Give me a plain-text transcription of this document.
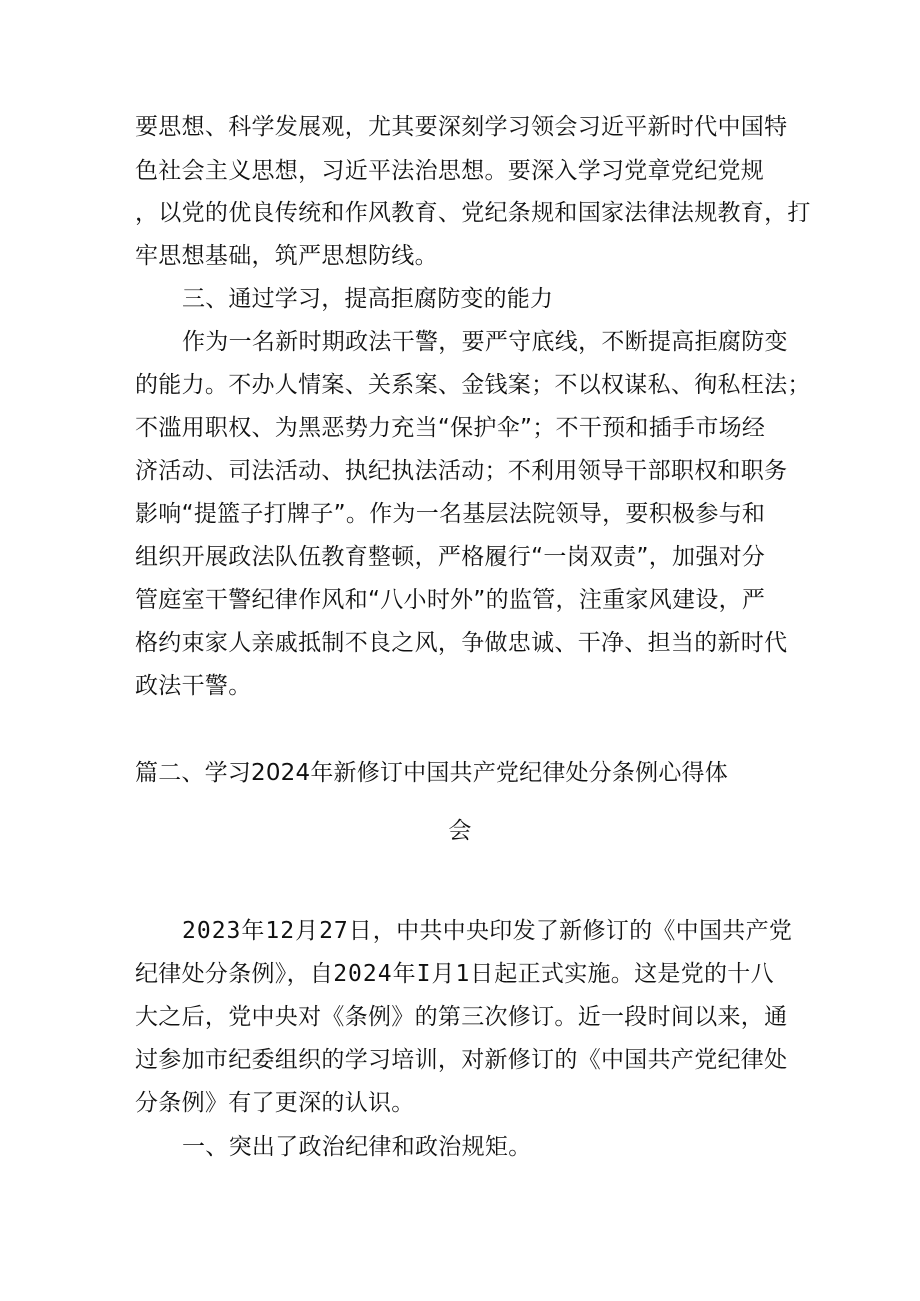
要思想、科学发展观，尤其要深刻学习领会习近平新时代中国特
色社会主义思想，习近平法治思想。要深入学习党章党纪党规
，以党的优良传统和作风教育、党纪条规和国家法律法规教育，打
牢思想基础，筑严思想防线。
三、通过学习，提高拒腐防变的能力
作为一名新时期政法干警，要严守底线，不断提高拒腐防变
的能力。不办人情案、关系案、金钱案；不以权谋私、徇私枉法；
不滥用职权、为黑恶势力充当“保护伞”；不干预和插手市场经
济活动、司法活动、执纪执法活动；不利用领导干部职权和职务
影响“提篮子打牌子”。作为一名基层法院领导，要积极参与和
组织开展政法队伍教育整顿，严格履行“一岗双责”，加强对分
管庭室干警纪律作风和“八小时外”的监管，注重家风建设，严
格约束家人亲戚抵制不良之风，争做忠诚、干净、担当的新时代
政法干警。
篇二、学习2024年新修订中国共产党纪律处分条例心得体
会
2023年12月27日，中共中央印发了新修订的《中国共产党
纪律处分条例》，自2024年I月1日起正式实施。这是党的十八
大之后，党中央对《条例》的第三次修订。近一段时间以来，通
过参加市纪委组织的学习培训，对新修订的《中国共产党纪律处
分条例》有了更深的认识。
一、突出了政治纪律和政治规矩。
